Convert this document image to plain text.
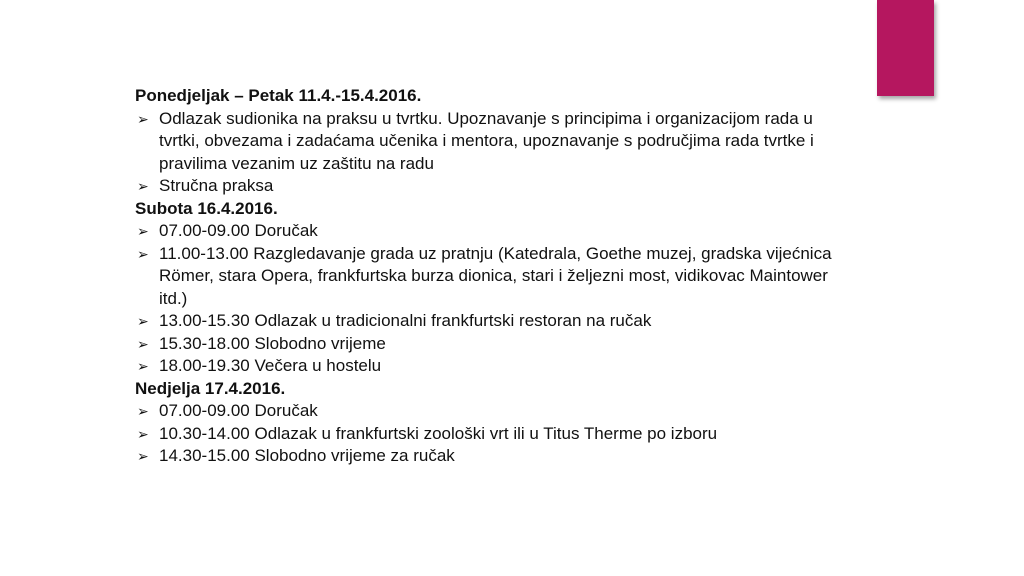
Ponedjeljak – Petak 11.4.-15.4.2016.
➢ Odlazak sudionika na praksu u tvrtku. Upoznavanje s principima i organizacijom rada u tvrtki, obvezama i zadaćama učenika i mentora, upoznavanje s područjima rada tvrtke i pravilima vezanim uz zaštitu na radu
➢ Stručna praksa
Subota 16.4.2016.
➢ 07.00-09.00 Doručak
➢ 11.00-13.00 Razgledavanje grada uz pratnju (Katedrala, Goethe muzej, gradska vijećnica Römer, stara Opera, frankfurtska burza dionica, stari i željezni most, vidikovac Maintower itd.)
➢ 13.00-15.30 Odlazak u tradicionalni frankfurtski restoran na ručak
➢ 15.30-18.00 Slobodno vrijeme
➢ 18.00-19.30 Večera u hostelu
Nedjelja 17.4.2016.
➢ 07.00-09.00 Doručak
➢ 10.30-14.00 Odlazak u frankfurtski zoološki vrt ili u Titus Therme po izboru
➢ 14.30-15.00 Slobodno vrijeme za ručak
